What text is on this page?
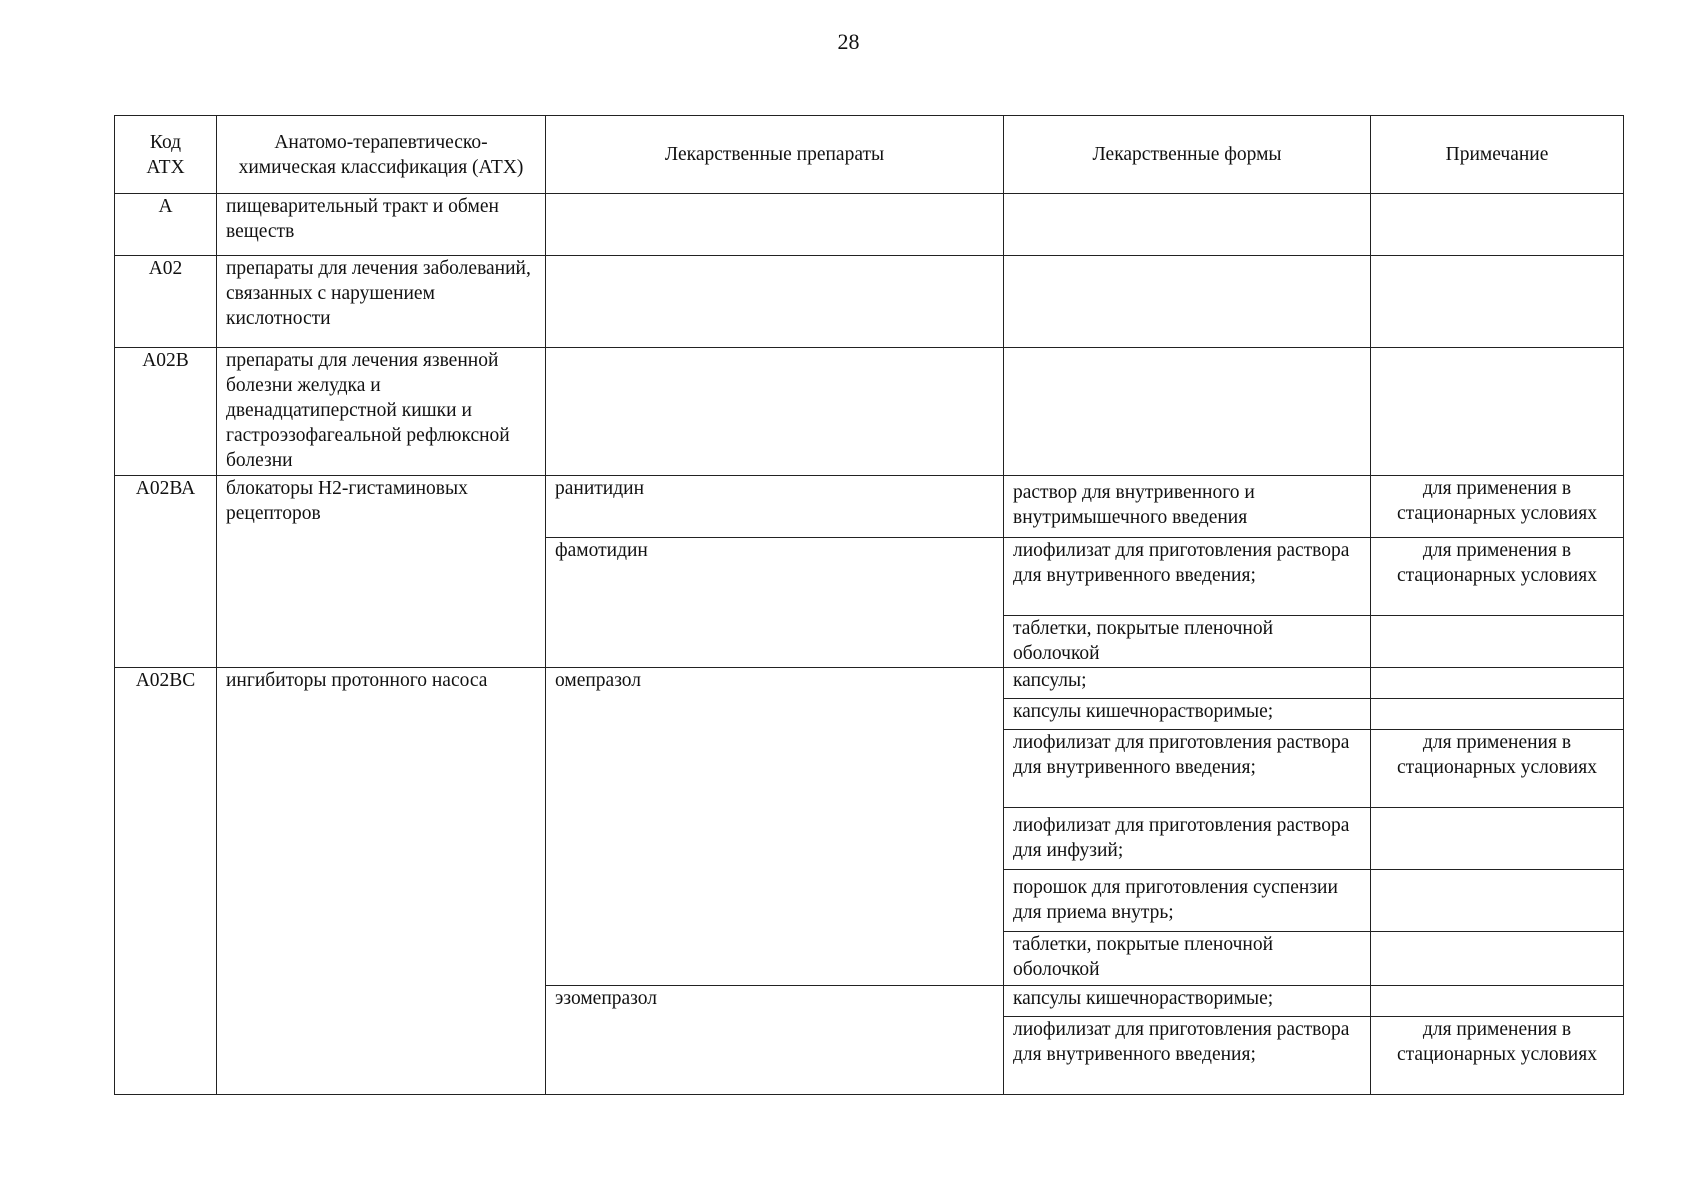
28
Код АТХ	Анатомо-терапевтическо-химическая классификация (АТХ)	Лекарственные препараты	Лекарственные формы	Примечание
А	пищеварительный тракт и обмен веществ			
А02	препараты для лечения заболеваний, связанных с нарушением кислотности			
А02В	препараты для лечения язвенной болезни желудка и двенадцатиперстной кишки и гастроэзофагеальной рефлюксной болезни			
А02ВА	блокаторы Н2-гистаминовых рецепторов	ранитидин	раствор для внутривенного и внутримышечного введения	для применения в стационарных условиях
		фамотидин	лиофилизат для приготовления раствора для внутривенного введения;	для применения в стационарных условиях
			таблетки, покрытые пленочной оболочкой	
А02ВС	ингибиторы протонного насоса	омепразол	капсулы;	
			капсулы кишечнорастворимые;	
			лиофилизат для приготовления раствора для внутривенного введения;	для применения в стационарных условиях
			лиофилизат для приготовления раствора для инфузий;	
			порошок для приготовления суспензии для приема внутрь;	
			таблетки, покрытые пленочной оболочкой	
		эзомепразол	капсулы кишечнорастворимые;	
			лиофилизат для приготовления раствора для внутривенного введения;	для применения в стационарных условиях
